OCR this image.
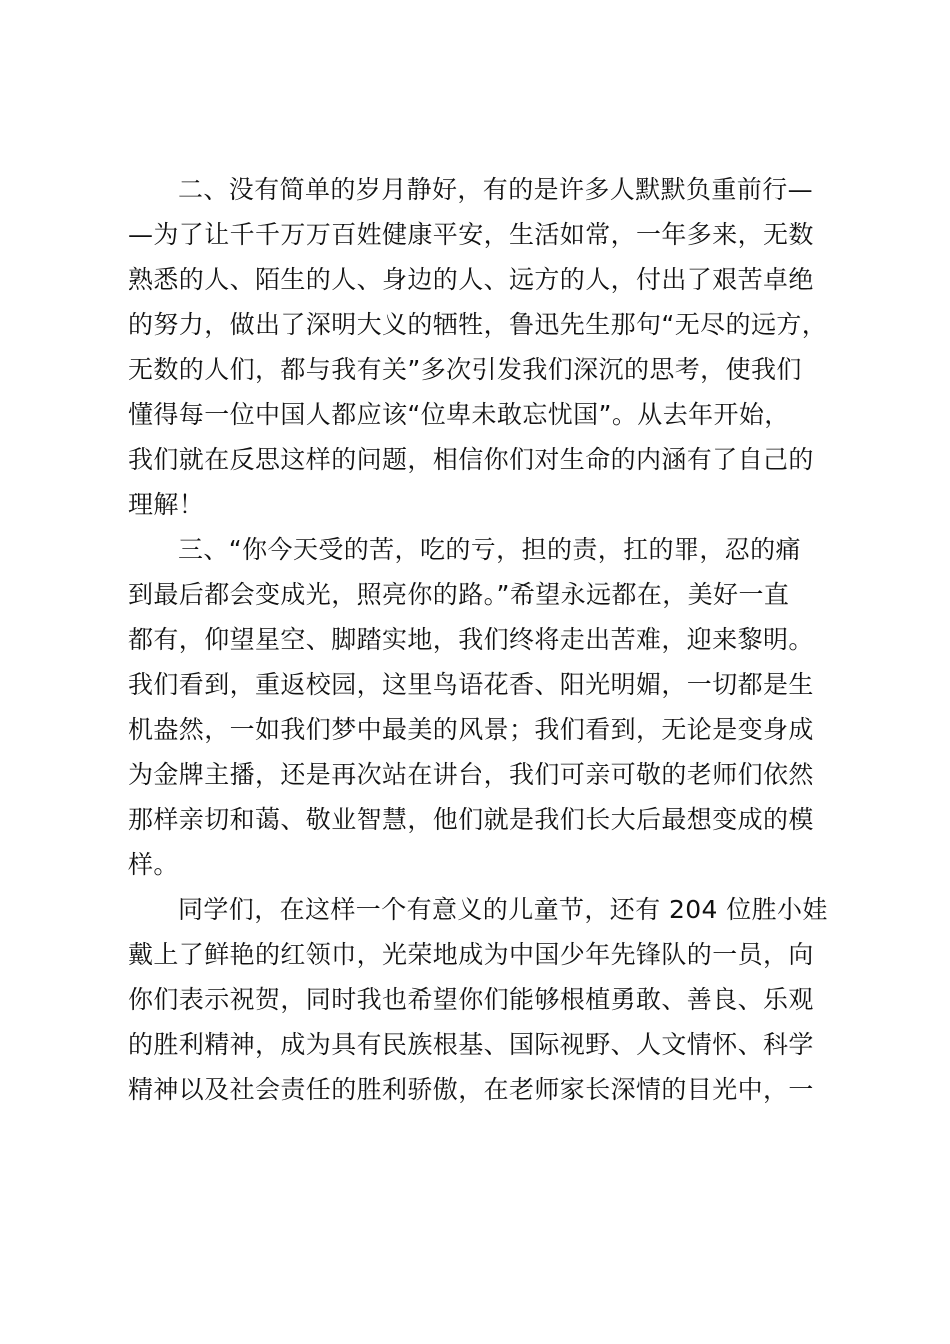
二、没有简单的岁月静好，有的是许多人默默负重前行—
—为了让千千万万百姓健康平安，生活如常，一年多来，无数
熟悉的人、陌生的人、身边的人、远方的人，付出了艰苦卓绝
的努力，做出了深明大义的牺牲，鲁迅先生那句“无尽的远方，
无数的人们，都与我有关”多次引发我们深沉的思考，使我们
懂得每一位中国人都应该“位卑未敢忘忧国”。从去年开始，
我们就在反思这样的问题，相信你们对生命的内涵有了自己的
理解！
三、“你今天受的苦，吃的亏，担的责，扛的罪，忍的痛
到最后都会变成光，照亮你的路。”希望永远都在，美好一直
都有，仰望星空、脚踏实地，我们终将走出苦难，迎来黎明。
我们看到，重返校园，这里鸟语花香、阳光明媚，一切都是生
机盎然，一如我们梦中最美的风景；我们看到，无论是变身成
为金牌主播，还是再次站在讲台，我们可亲可敬的老师们依然
那样亲切和蔼、敬业智慧，他们就是我们长大后最想变成的模
样。
同学们，在这样一个有意义的儿童节，还有 204 位胜小娃
戴上了鲜艳的红领巾，光荣地成为中国少年先锋队的一员，向
你们表示祝贺，同时我也希望你们能够根植勇敢、善良、乐观
的胜利精神，成为具有民族根基、国际视野、人文情怀、科学
精神以及社会责任的胜利骄傲，在老师家长深情的目光中，一
